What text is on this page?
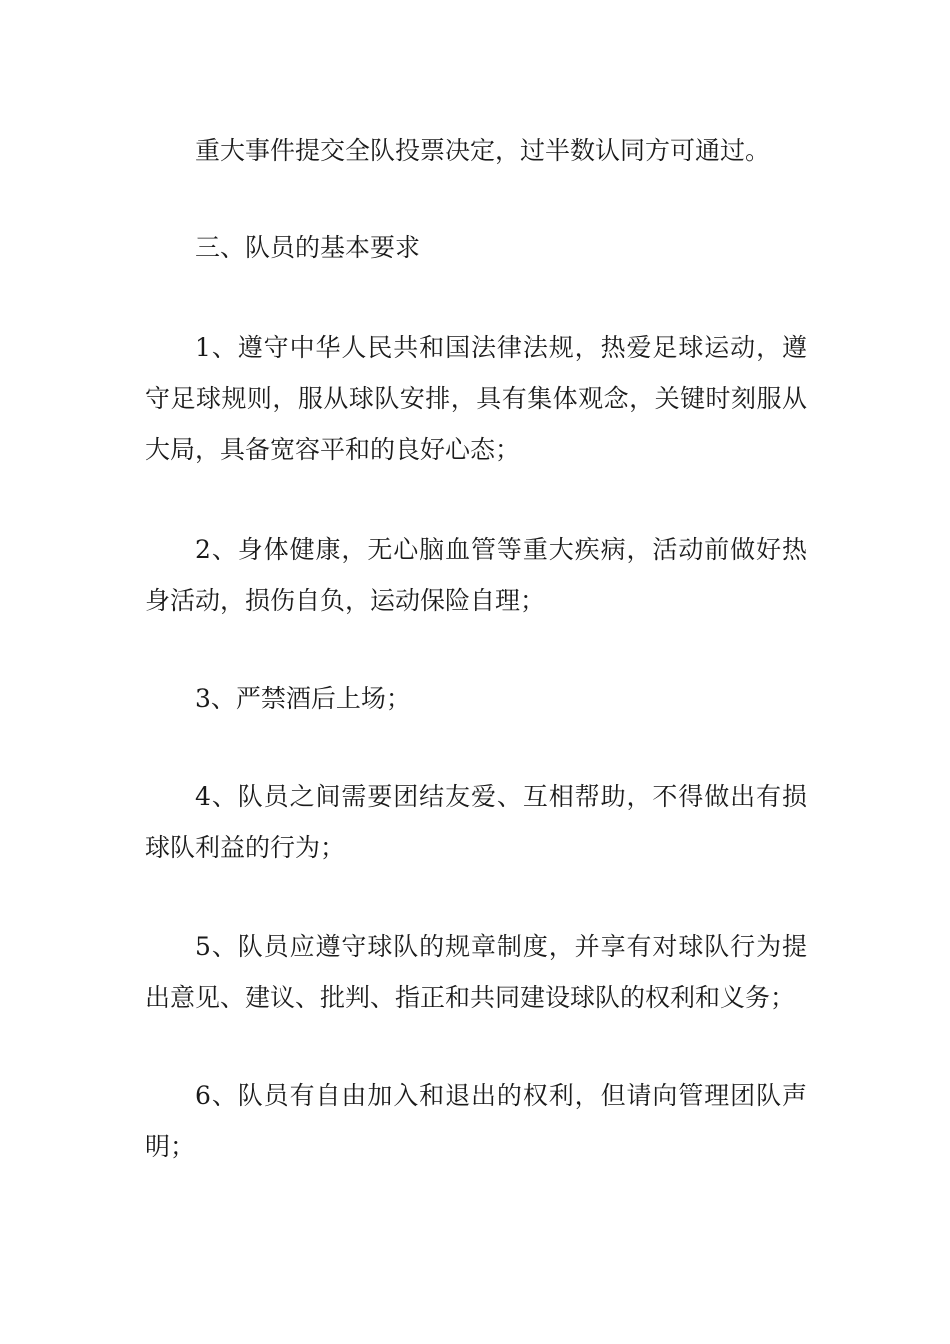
重大事件提交全队投票决定，过半数认同方可通过。

三、队员的基本要求

1、遵守中华人民共和国法律法规，热爱足球运动，遵守足球规则，服从球队安排，具有集体观念，关键时刻服从大局，具备宽容平和的良好心态；

2、身体健康，无心脑血管等重大疾病，活动前做好热身活动，损伤自负，运动保险自理；

3、严禁酒后上场；

4、队员之间需要团结友爱、互相帮助，不得做出有损球队利益的行为；

5、队员应遵守球队的规章制度，并享有对球队行为提出意见、建议、批判、指正和共同建设球队的权利和义务；

6、队员有自由加入和退出的权利，但请向管理团队声明；
